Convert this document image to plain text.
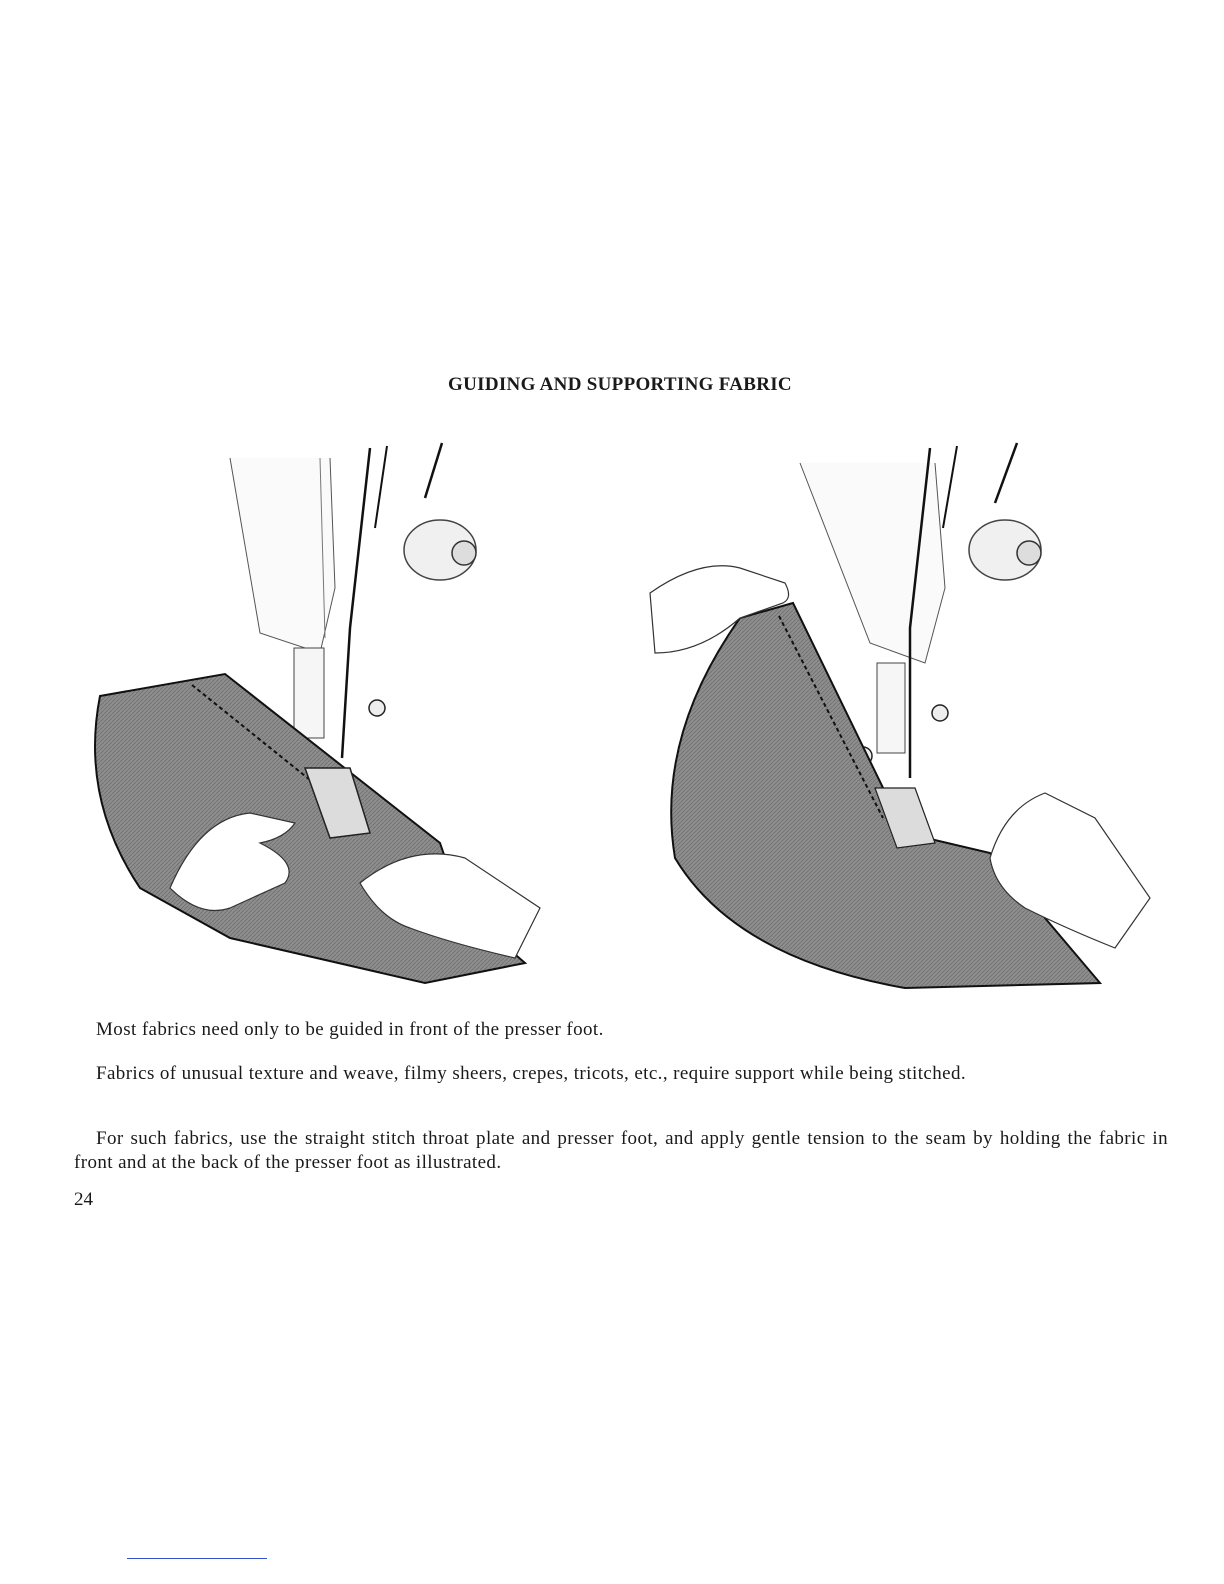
GUIDING AND SUPPORTING FABRIC
Most fabrics need only to be guided in front of the presser foot.
Fabrics of unusual texture and weave, filmy sheers, crepes, tricots, etc., require support while being stitched.
For such fabrics, use the straight stitch throat plate and presser foot, and apply gentle tension to the seam by holding the fabric in front and at the back of the presser foot as illustrated.
24
